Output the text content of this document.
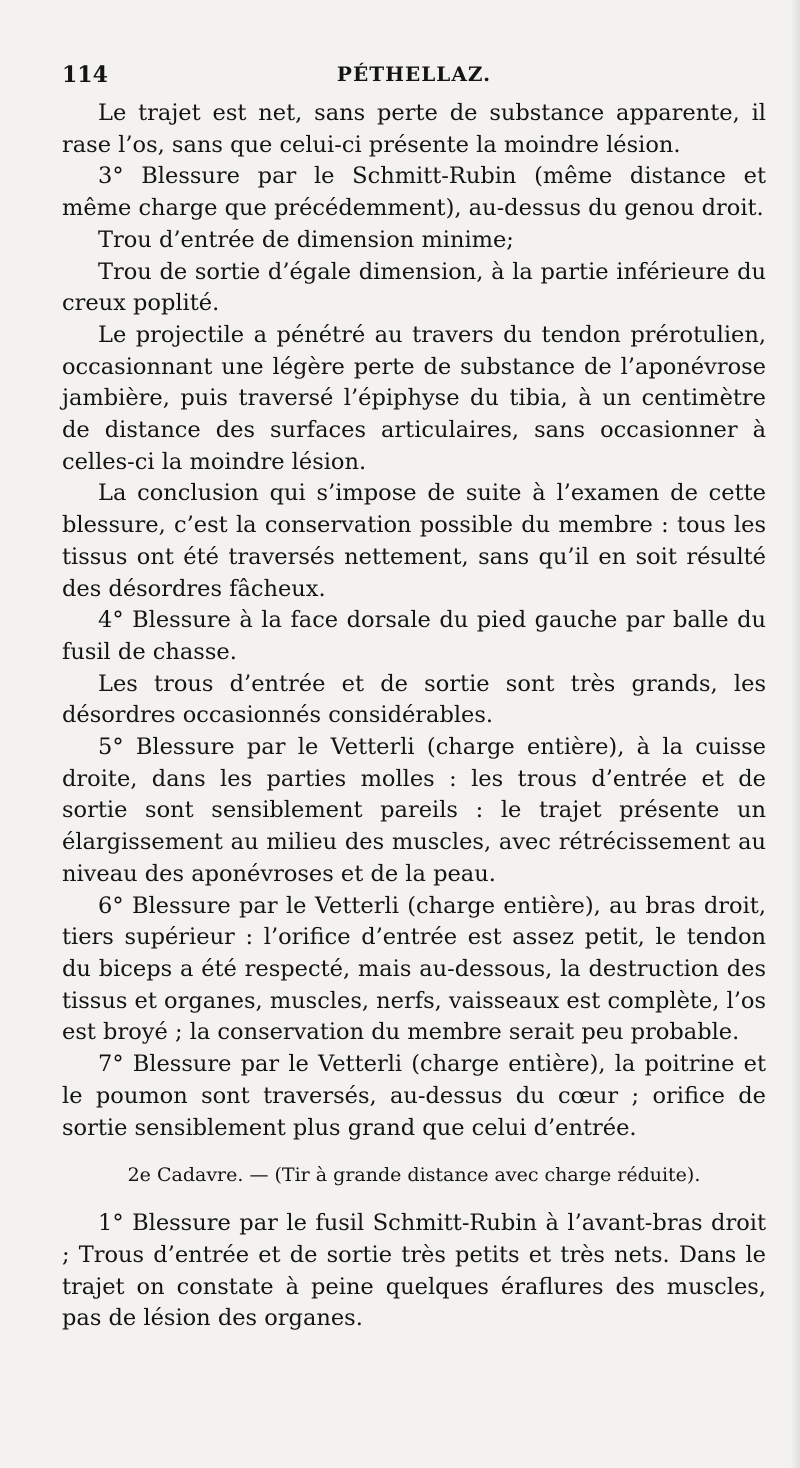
114	PÉTHELLAZ.

Le trajet est net, sans perte de substance apparente, il rase l’os, sans que celui-ci présente la moindre lésion.

3° Blessure par le Schmitt-Rubin (même distance et même charge que précédemment), au-dessus du genou droit.

Trou d’entrée de dimension minime;

Trou de sortie d’égale dimension, à la partie inférieure du creux poplité.

Le projectile a pénétré au travers du tendon prérotulien, occasionnant une légère perte de substance de l’aponévrose jambière, puis traversé l’épiphyse du tibia, à un centimètre de distance des surfaces articulaires, sans occasionner à celles-ci la moindre lésion.

La conclusion qui s’impose de suite à l’examen de cette blessure, c’est la conservation possible du membre : tous les tissus ont été traversés nettement, sans qu’il en soit résulté des désordres fâcheux.

4° Blessure à la face dorsale du pied gauche par balle du fusil de chasse.

Les trous d’entrée et de sortie sont très grands, les désordres occasionnés considérables.

5° Blessure par le Vetterli (charge entière), à la cuisse droite, dans les parties molles : les trous d’entrée et de sortie sont sensiblement pareils : le trajet présente un élargissement au milieu des muscles, avec rétrécissement au niveau des aponévroses et de la peau.

6° Blessure par le Vetterli (charge entière), au bras droit, tiers supérieur : l’orifice d’entrée est assez petit, le tendon du biceps a été respecté, mais au-dessous, la destruction des tissus et organes, muscles, nerfs, vaisseaux est complète, l’os est broyé ; la conservation du membre serait peu probable.

7° Blessure par le Vetterli (charge entière), la poitrine et le poumon sont traversés, au-dessus du cœur ; orifice de sortie sensiblement plus grand que celui d’entrée.

2e Cadavre. — (Tir à grande distance avec charge réduite).

1° Blessure par le fusil Schmitt-Rubin à l’avant-bras droit ; Trous d’entrée et de sortie très petits et très nets. Dans le trajet on constate à peine quelques éraflures des muscles, pas de lésion des organes.
